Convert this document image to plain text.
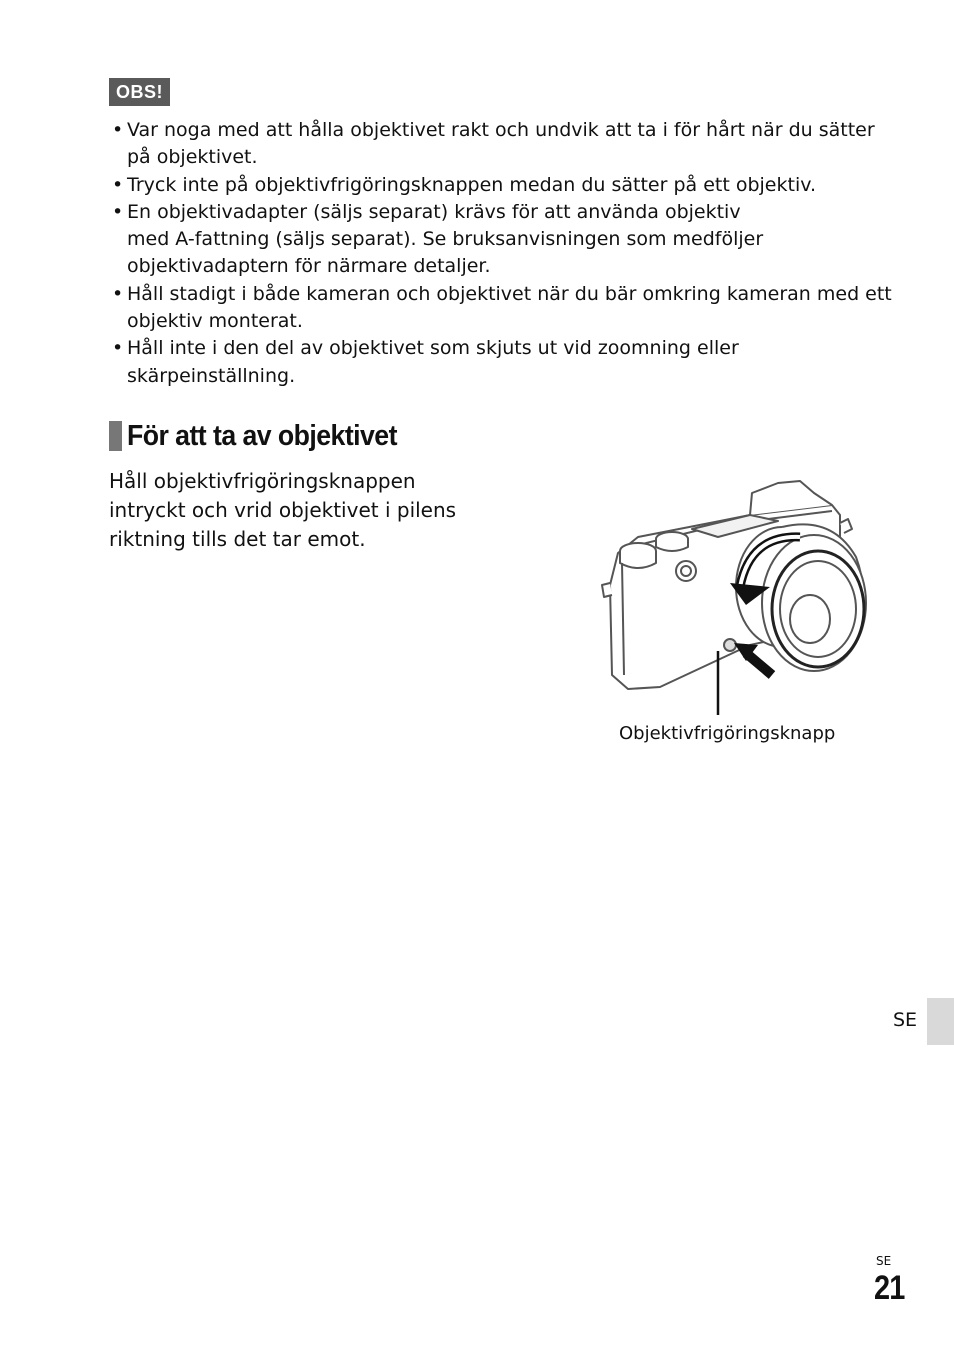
OBS!
• Var noga med att hålla objektivet rakt och undvik att ta i för hårt när du sätter på objektivet.
• Tryck inte på objektivfrigöringsknappen medan du sätter på ett objektiv.
• En objektivadapter (säljs separat) krävs för att använda objektiv med A-fattning (säljs separat). Se bruksanvisningen som medföljer objektivadaptern för närmare detaljer.
• Håll stadigt i både kameran och objektivet när du bär omkring kameran med ett objektiv monterat.
• Håll inte i den del av objektivet som skjuts ut vid zoomning eller skärpeinställning.
För att ta av objektivet

Håll objektivfrigöringsknappen intryckt och vrid objektivet i pilens riktning tills det tar emot.

Objektivfrigöringsknapp
SE
SE
21
